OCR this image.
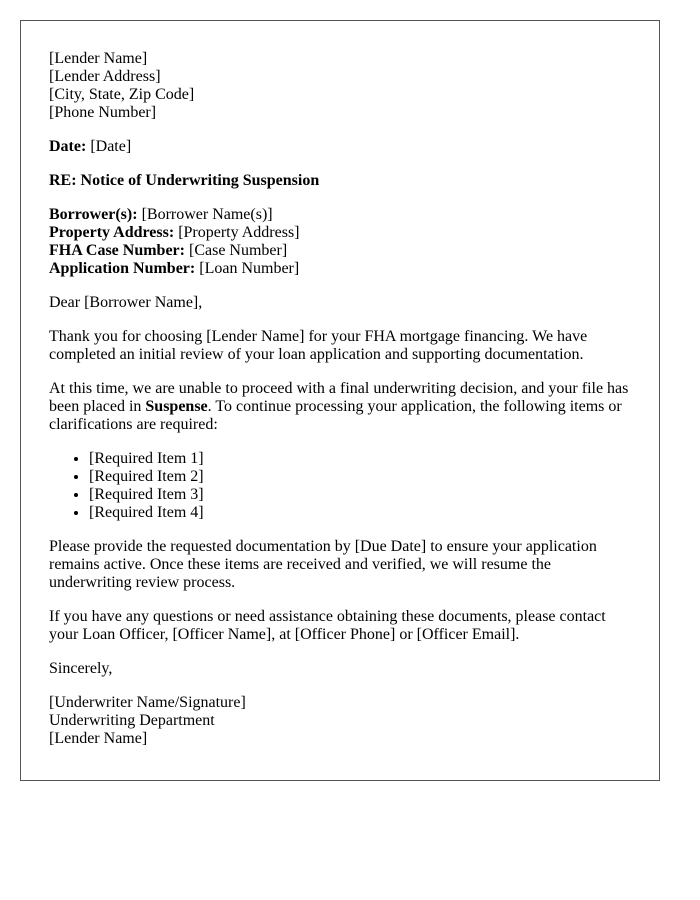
[Lender Name]
[Lender Address]
[City, State, Zip Code]
[Phone Number]
Date: [Date]
RE: Notice of Underwriting Suspension
Borrower(s): [Borrower Name(s)]
Property Address: [Property Address]
FHA Case Number: [Case Number]
Application Number: [Loan Number]
Dear [Borrower Name],

Thank you for choosing [Lender Name] for your FHA mortgage financing. We have completed an initial review of your loan application and supporting documentation.

At this time, we are unable to proceed with a final underwriting decision, and your file has been placed in Suspense. To continue processing your application, the following items or clarifications are required:

• [Required Item 1]
• [Required Item 2]
• [Required Item 3]
• [Required Item 4]

Please provide the requested documentation by [Due Date] to ensure your application remains active. Once these items are received and verified, we will resume the underwriting review process.

If you have any questions or need assistance obtaining these documents, please contact your Loan Officer, [Officer Name], at [Officer Phone] or [Officer Email].

Sincerely,
[Underwriter Name/Signature]
Underwriting Department
[Lender Name]
